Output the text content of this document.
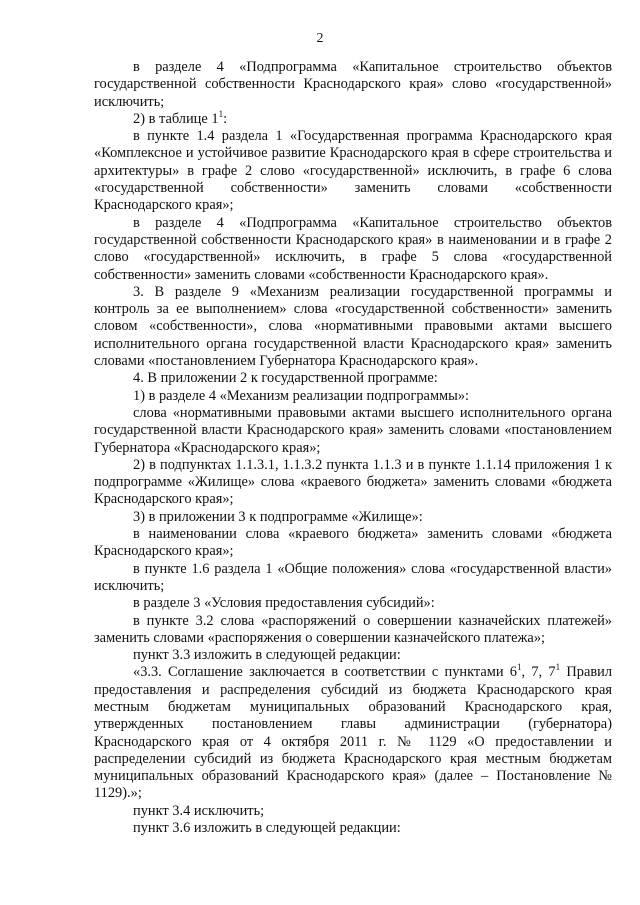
2

в разделе 4 «Подпрограмма «Капитальное строительство объектов государственной собственности Краснодарского края» слово «государственной» исключить;

2) в таблице $1^1$:

в пункте 1.4 раздела 1 «Государственная программа Краснодарского края «Комплексное и устойчивое развитие Краснодарского края в сфере строительства и архитектуры» в графе 2 слово «государственной» исключить, в графе 6 слова «государственной собственности» заменить словами «собственности Краснодарского края»;

в разделе 4 «Подпрограмма «Капитальное строительство объектов государственной собственности Краснодарского края» в наименовании и в графе 2 слово «государственной» исключить, в графе 5 слова «государственной собственности» заменить словами «собственности Краснодарского края».

3. В разделе 9 «Механизм реализации государственной программы и контроль за ее выполнением» слова «государственной собственности» заменить словом «собственности», слова «нормативными правовыми актами высшего исполнительного органа государственной власти Краснодарского края» заменить словами «постановлением Губернатора Краснодарского края».

4. В приложении 2 к государственной программе:

1) в разделе 4 «Механизм реализации подпрограммы»:

слова «нормативными правовыми актами высшего исполнительного органа государственной власти Краснодарского края» заменить словами «постановлением Губернатора «Краснодарского края»;

2) в подпунктах 1.1.3.1, 1.1.3.2 пункта 1.1.3 и в пункте 1.1.14 приложения 1 к подпрограмме «Жилище» слова «краевого бюджета» заменить словами «бюджета Краснодарского края»;

3) в приложении 3 к подпрограмме «Жилище»:

в наименовании слова «краевого бюджета» заменить словами «бюджета Краснодарского края»;

в пункте 1.6 раздела 1 «Общие положения» слова «государственной власти» исключить;

в разделе 3 «Условия предоставления субсидий»:

в пункте 3.2 слова «распоряжений о совершении казначейских платежей» заменить словами «распоряжения о совершении казначейского платежа»;

пункт 3.3 изложить в следующей редакции:

«3.3. Соглашение заключается в соответствии с пунктами $6^1$, 7, $7^1$ Правил предоставления и распределения субсидий из бюджета Краснодарского края местным бюджетам муниципальных образований Краснодарского края, утвержденных постановлением главы администрации (губернатора) Краснодарского края от 4 октября 2011 г. № 1129 «О предоставлении и распределении субсидий из бюджета Краснодарского края местным бюджетам муниципальных образований Краснодарского края» (далее – Постановление № 1129).»;

пункт 3.4 исключить;

пункт 3.6 изложить в следующей редакции:
